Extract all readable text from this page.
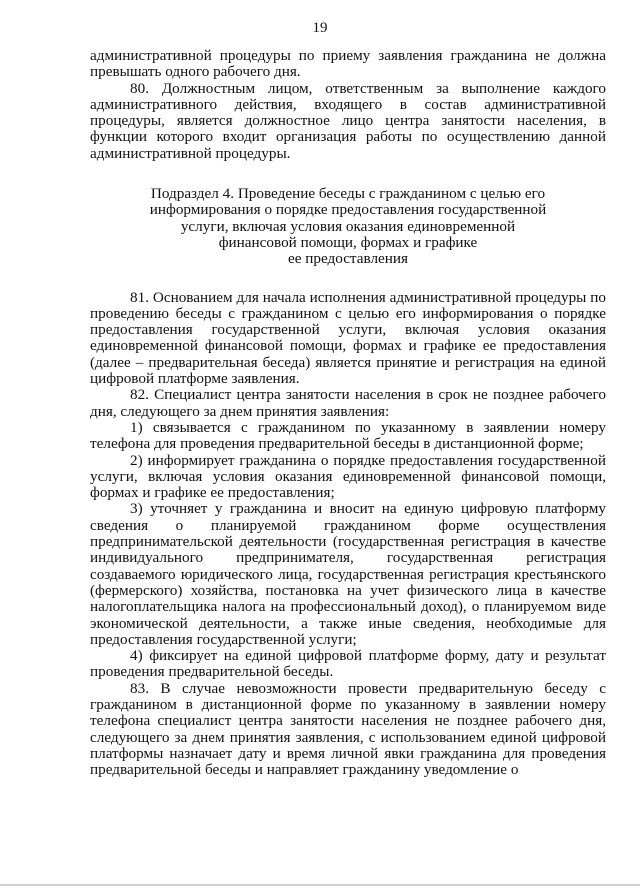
19

административной процедуры по приему заявления гражданина не должна превышать одного рабочего дня.

80. Должностным лицом, ответственным за выполнение каждого административного действия, входящего в состав административной процедуры, является должностное лицо центра занятости населения, в функции которого входит организация работы по осуществлению данной административной процедуры.

Подраздел 4. Проведение беседы с гражданином с целью его
информирования о порядке предоставления государственной
услуги, включая условия оказания единовременной
финансовой помощи, формах и графике
ее предоставления

81. Основанием для начала исполнения административной процедуры по проведению беседы с гражданином с целью его информирования о порядке предоставления государственной услуги, включая условия оказания единовременной финансовой помощи, формах и графике ее предоставления (далее – предварительная беседа) является принятие и регистрация на единой цифровой платформе заявления.

82. Специалист центра занятости населения в срок не позднее рабочего дня, следующего за днем принятия заявления:

1) связывается с гражданином по указанному в заявлении номеру телефона для проведения предварительной беседы в дистанционной форме;

2) информирует гражданина о порядке предоставления государственной услуги, включая условия оказания единовременной финансовой помощи, формах и графике ее предоставления;

3) уточняет у гражданина и вносит на единую цифровую платформу сведения о планируемой гражданином форме осуществления предпринимательской деятельности (государственная регистрация в качестве индивидуального предпринимателя, государственная регистрация создаваемого юридического лица, государственная регистрация крестьянского (фермерского) хозяйства, постановка на учет физического лица в качестве налогоплательщика налога на профессиональный доход), о планируемом виде экономической деятельности, а также иные сведения, необходимые для предоставления государственной услуги;

4) фиксирует на единой цифровой платформе форму, дату и результат проведения предварительной беседы.

83. В случае невозможности провести предварительную беседу с гражданином в дистанционной форме по указанному в заявлении номеру телефона специалист центра занятости населения не позднее рабочего дня, следующего за днем принятия заявления, с использованием единой цифровой платформы назначает дату и время личной явки гражданина для проведения предварительной беседы и направляет гражданину уведомление о
